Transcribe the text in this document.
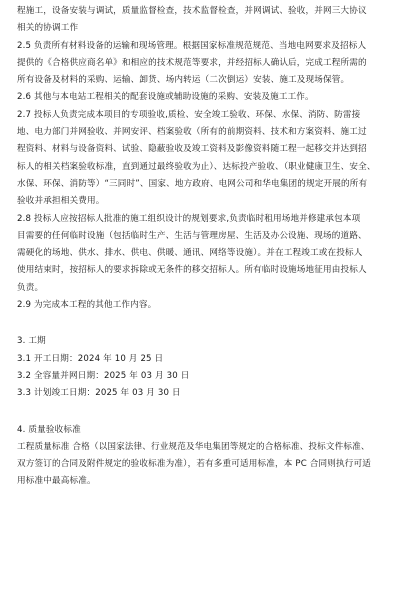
程施工，设备安装与调试，质量监督检查，技术监督检查，并网调试、验收，并网三大协议
相关的协调工作
2.5 负责所有材料设备的运输和现场管理。根据国家标准规范规范、当地电网要求及招标人
提供的《合格供应商名单》和相应的技术规范等要求，并经招标人确认后，完成工程所需的
所有设备及材料的采购、运输、卸货、场内转运（二次倒运）安装、施工及现场保管。
2.6 其他与本电站工程相关的配套设施或辅助设施的采购、安装及施工工作。
2.7 投标人负责完成本项目的专项验收,质检、安全竣工验收、环保、水保、消防、防雷接
地、电力部门并网验收、并网安评、档案验收（所有的前期资料、技术和方案资料、施工过
程资料、材料与设备资料、试验、隐蔽验收及竣工资料及影像资料随工程一起移交并达到招
标人的相关档案验收标准，直到通过最终验收为止）、达标投产验收、（职业健康卫生、安全、
水保、环保、消防等）“三同时”、国家、地方政府、电网公司和华电集团的规定开展的所有
验收并承担相关费用。
2.8 投标人应按招标人批准的施工组织设计的规划要求,负责临时租用场地并修建承包本项
目需要的任何临时设施（包括临时生产、生活与管理房屋、生活及办公设施、现场的道路、
需硬化的场地、供水、排水、供电、供暖、通讯、网络等设施）。并在工程竣工或在投标人
使用结束时，按招标人的要求拆除或无条件的移交招标人。所有临时设施场地征用由投标人
负责。
2.9 为完成本工程的其他工作内容。
3. 工期
3.1 开工日期：2024 年 10 月 25 日
3.2 全容量并网日期：2025 年 03 月 30 日
3.3 计划竣工日期：2025 年 03 月 30 日
4. 质量验收标准
工程质量标准 合格（以国家法律、行业规范及华电集团等规定的合格标准、投标文件标准、
双方签订的合同及附件规定的验收标准为准），若有多重可适用标准，本 PC 合同则执行可适
用标准中最高标准。
